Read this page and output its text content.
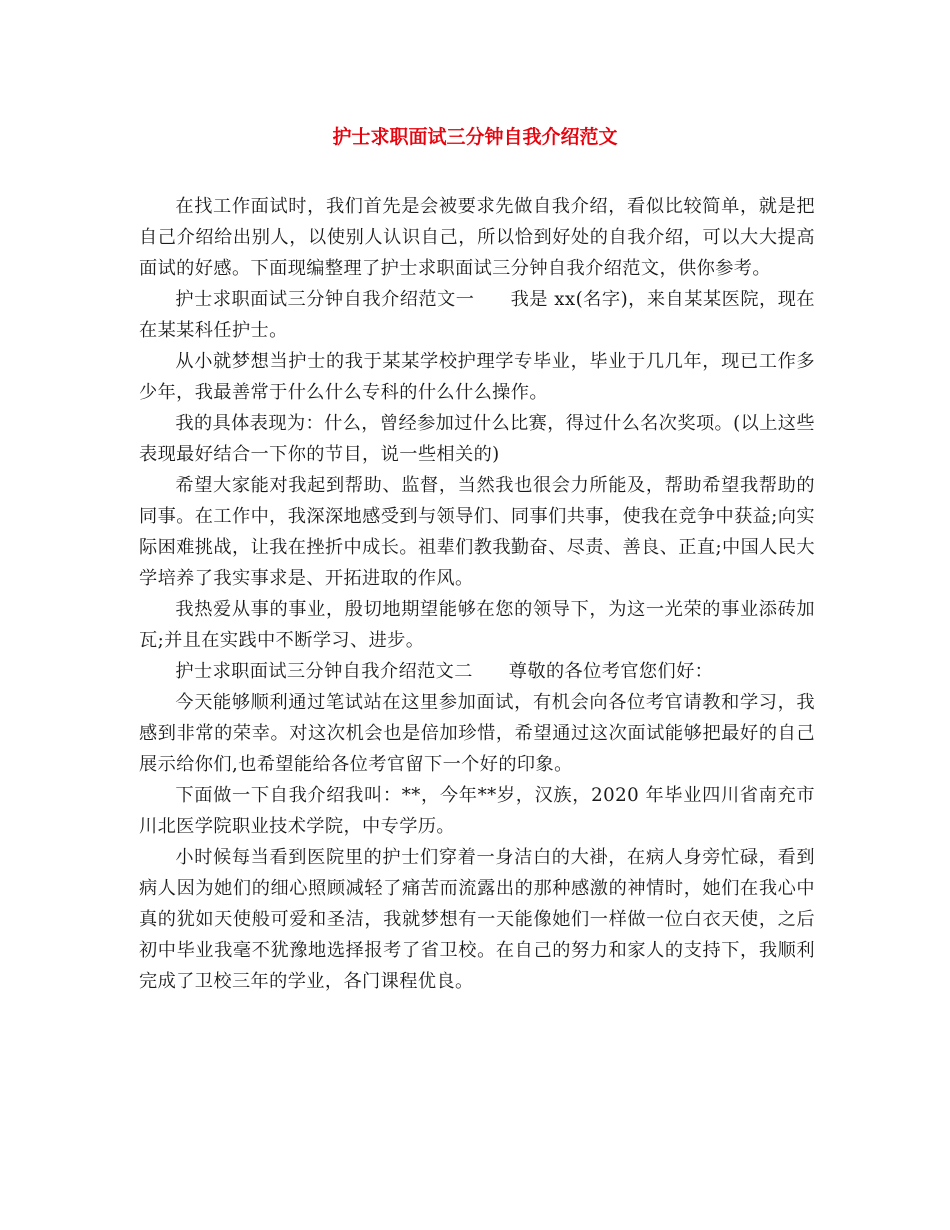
护士求职面试三分钟自我介绍范文

在找工作面试时，我们首先是会被要求先做自我介绍，看似比较简单，就是把自己介绍给出别人，以使别人认识自己，所以恰到好处的自我介绍，可以大大提高面试的好感。下面现编整理了护士求职面试三分钟自我介绍范文，供你参考。

护士求职面试三分钟自我介绍范文一 我是 xx(名字)，来自某某医院，现在在某某科任护士。

从小就梦想当护士的我于某某学校护理学专毕业，毕业于几几年，现已工作多少年，我最善常于什么什么专科的什么什么操作。

我的具体表现为：什么，曾经参加过什么比赛，得过什么名次奖项。(以上这些表现最好结合一下你的节目，说一些相关的)

希望大家能对我起到帮助、监督，当然我也很会力所能及，帮助希望我帮助的同事。在工作中，我深深地感受到与领导们、同事们共事，使我在竞争中获益;向实际困难挑战，让我在挫折中成长。祖辈们教我勤奋、尽责、善良、正直;中国人民大学培养了我实事求是、开拓进取的作风。

我热爱从事的事业，殷切地期望能够在您的领导下，为这一光荣的事业添砖加瓦;并且在实践中不断学习、进步。

护士求职面试三分钟自我介绍范文二 尊敬的各位考官您们好：

今天能够顺利通过笔试站在这里参加面试，有机会向各位考官请教和学习，我感到非常的荣幸。对这次机会也是倍加珍惜，希望通过这次面试能够把最好的自己展示给你们,也希望能给各位考官留下一个好的印象。

下面做一下自我介绍我叫：**，今年**岁，汉族，2020 年毕业四川省南充市川北医学院职业技术学院，中专学历。

小时候每当看到医院里的护士们穿着一身洁白的大褂，在病人身旁忙碌，看到病人因为她们的细心照顾减轻了痛苦而流露出的那种感激的神情时，她们在我心中真的犹如天使般可爱和圣洁，我就梦想有一天能像她们一样做一位白衣天使，之后初中毕业我毫不犹豫地选择报考了省卫校。在自己的努力和家人的支持下，我顺利完成了卫校三年的学业，各门课程优良。
